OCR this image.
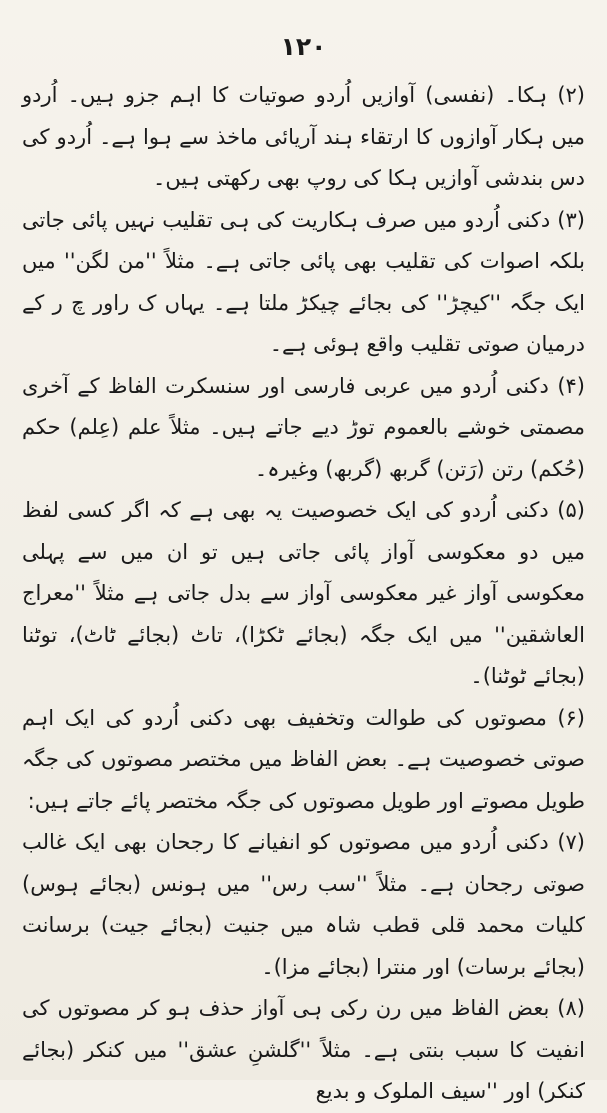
۱۲۰

(۲) ہکا۔ (نفسی) آوازیں اُردو صوتیات کا اہم جزو ہیں۔ اُردو میں ہکار آوازوں کا ارتقاء ہند آریائی ماخذ سے ہوا ہے۔ اُردو کی دس بندشی آوازیں ہکا کی روپ بھی رکھتی ہیں۔

(۳) دکنی اُردو میں صرف ہکاریت کی ہی تقلیب نہیں پائی جاتی بلکہ اصوات کی تقلیب بھی پائی جاتی ہے۔ مثلاً ''من لگن'' میں ایک جگہ ''کیچڑ'' کی بجائے چیکڑ ملتا ہے۔ یہاں ک راور چ ر کے درمیان صوتی تقلیب واقع ہوئی ہے۔

(۴) دکنی اُردو میں عربی فارسی اور سنسکرت الفاظ کے آخری مصمتی خوشے بالعموم توڑ دیے جاتے ہیں۔ مثلاً علم (عِلم) حکم (حُکم) رتن (رَتن) گربھ (گربھ) وغیرہ۔

(۵) دکنی اُردو کی ایک خصوصیت یہ بھی ہے کہ اگر کسی لفظ میں دو معکوسی آواز پائی جاتی ہیں تو ان میں سے پہلی معکوسی آواز غیر معکوسی آواز سے بدل جاتی ہے مثلاً ''معراج العاشقین'' میں ایک جگہ (بجائے ٹکڑا)، تاٹ (بجائے ٹاٹ)، توٹنا (بجائے ٹوٹنا)۔

(۶) مصوتوں کی طوالت وتخفیف بھی دکنی اُردو کی ایک اہم صوتی خصوصیت ہے۔ بعض الفاظ میں مختصر مصوتوں کی جگہ طویل مصوتے اور طویل مصوتوں کی جگہ مختصر پائے جاتے ہیں:

(۷) دکنی اُردو میں مصوتوں کو انفیانے کا رجحان بھی ایک غالب صوتی رجحان ہے۔ مثلاً ''سب رس'' میں ہونس (بجائے ہوس) کلیات محمد قلی قطب شاہ میں جنیت (بجائے جیت) برسانت (بجائے برسات) اور منترا (بجائے مزا)۔

(۸) بعض الفاظ میں رن رکی ہی آواز حذف ہو کر مصوتوں کی انفیت کا سبب بنتی ہے۔ مثلاً ''گلشنِ عشق'' میں کنکر (بجائے کنکر) اور ''سیف الملوک و بدیع
